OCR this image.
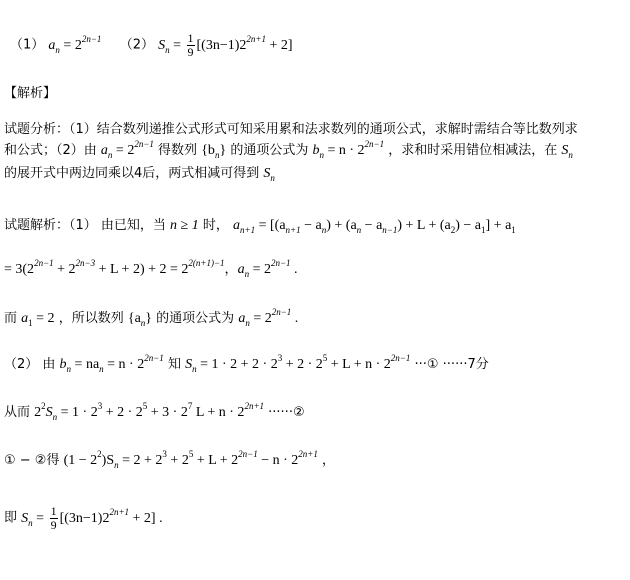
（1） $a_n = 2^{2n-1}$ （2） $S_n = \frac{1}{9} [(3n-1)2^{2n+1} + 2]$
【解析】
试题分析：（1）结合数列递推公式形式可知采用累和法求数列的通项公式，求解时需结合等比数列求
和公式；（2）由 $a_n = 2^{2n-1}$ 得数列 $\{b_n\}$ 的通项公式为 $b_n = n \cdot 2^{2n-1}$ ，求和时采用错位相减法，在 $S_n$
的展开式中两边同乘以4后，两式相减可得到 $S_n$
试题解析：（1） 由已知，当 n ≥ 1 时， $a_{n+1} = [(a_{n+1} - a_n) + (a_n - a_{n-1}) + L + (a_2) - a_1] + a_1$
= $3(2^{2n-1} + 2^{2n-3} + L + 2) + 2 = 2^{2(n+1)-1}$，$a_n = 2^{2n-1}$ .
而 $a_1 = 2$ ，所以数列 $\{a_n\}$ 的通项公式为 $a_n = 2^{2n-1}$ .
（2） 由 $b_n = na_n = n \cdot 2^{2n-1}$ 知 $S_n = 1 \cdot 2 + 2 \cdot 2^3 + 2 \cdot 2^5 + L + n \cdot 2^{2n-1}$ ···① ······7分
从而 $2^2S_n = 1 \cdot 2^3 + 2 \cdot 2^5 + 3 \cdot 2^7$ $L + n \cdot 2^{2n+1}$ ······②
① − ②得 $(1 - 2^2)S_n = 2 + 2^3 + 2^5 + L + 2^{2n-1} - n \cdot 2^{2n+1}$ ，
即 $S_n = \frac{1}{9} [(3n-1)2^{2n+1} + 2]$ .
